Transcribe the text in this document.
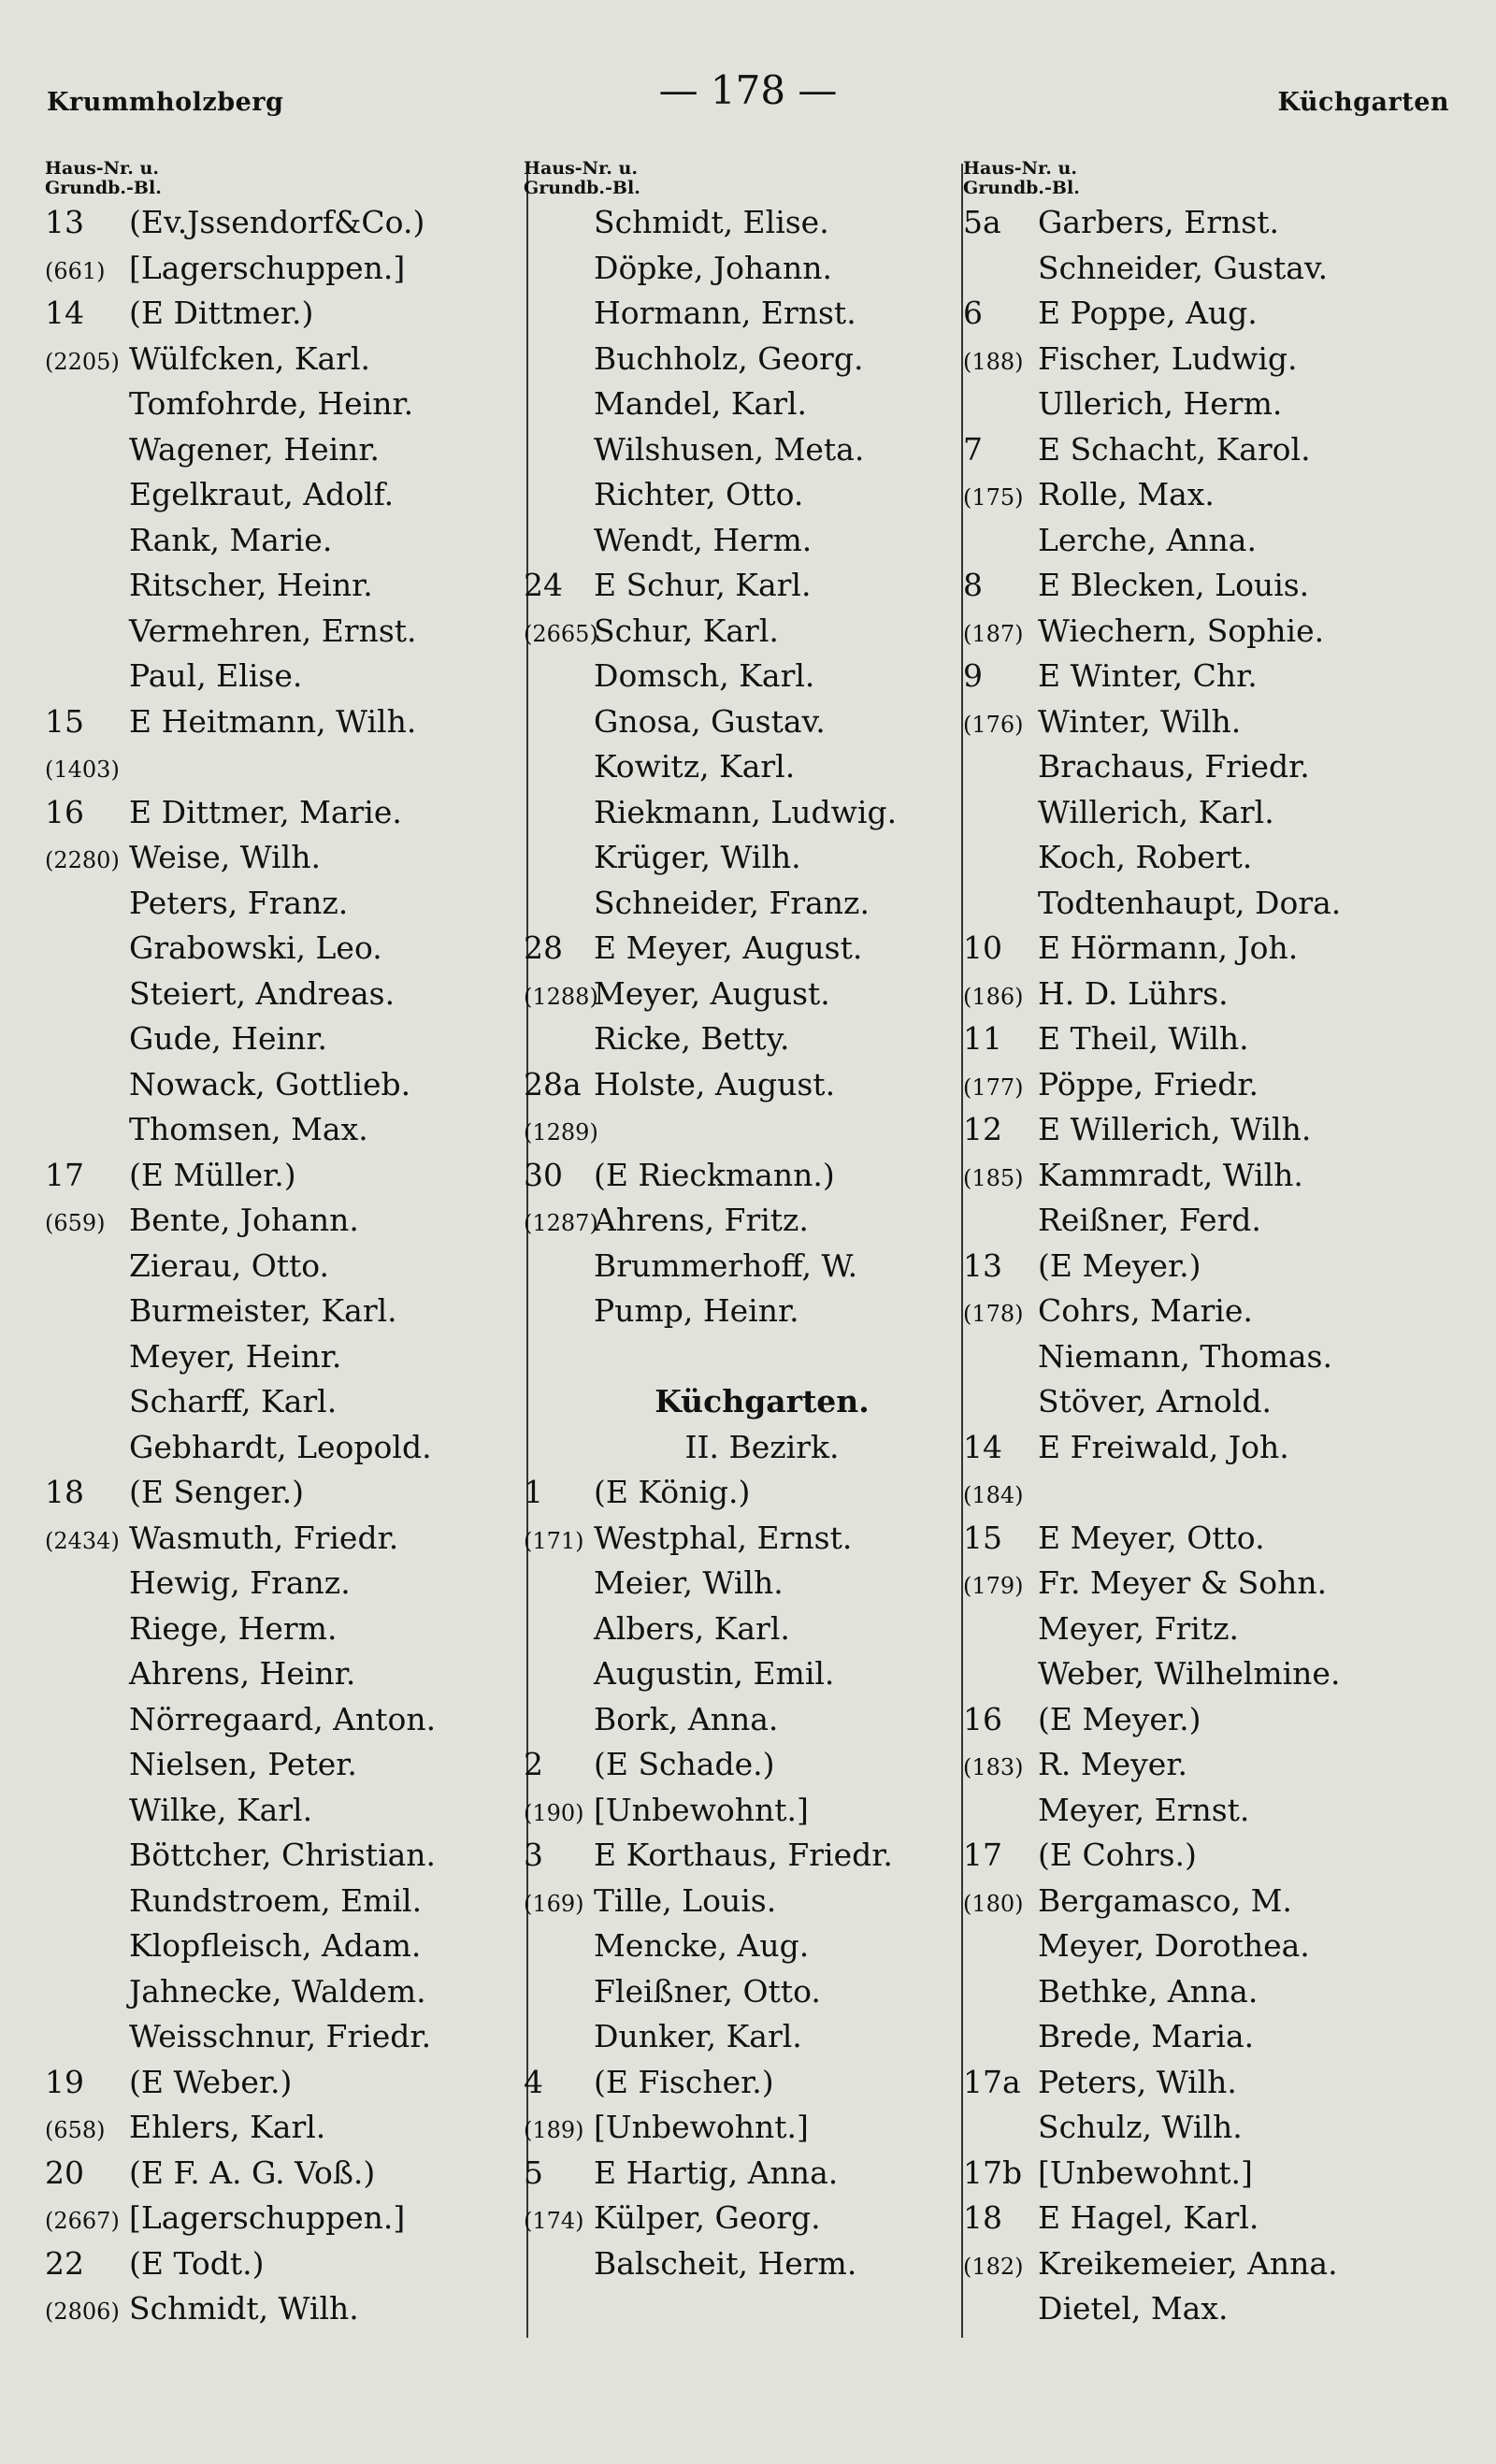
Krummholzberg	— 178 —	Küchgarten
Haus-Nr. u.
Grundb.-Bl.
13 (Ev.Jssendorf&Co.)
(661) [Lagerschuppen.]
14 (E Dittmer.)
(2205) Wülfcken, Karl.
Tomfohrde, Heinr.
Wagener, Heinr.
Egelkraut, Adolf.
Rank, Marie.
Ritscher, Heinr.
Vermehren, Ernst.
Paul, Elise.
15 E Heitmann, Wilh.
(1403)
16 E Dittmer, Marie.
(2280) Weise, Wilh.
Peters, Franz.
Grabowski, Leo.
Steiert, Andreas.
Gude, Heinr.
Nowack, Gottlieb.
Thomsen, Max.
17 (E Müller.)
(659) Bente, Johann.
Zierau, Otto.
Burmeister, Karl.
Meyer, Heinr.
Scharff, Karl.
Gebhardt, Leopold.
18 (E Senger.)
(2434) Wasmuth, Friedr.
Hewig, Franz.
Riege, Herm.
Ahrens, Heinr.
Nörregaard, Anton.
Nielsen, Peter.
Wilke, Karl.
Böttcher, Christian.
Rundstroem, Emil.
Klopfleisch, Adam.
Jahnecke, Waldem.
Weisschnur, Friedr.
19 (E Weber.)
(658) Ehlers, Karl.
20 (E F. A. G. Voß.)
(2667) [Lagerschuppen.]
22 (E Todt.)
(2806) Schmidt, Wilh.
Haus-Nr. u.
Grundb.-Bl.
Schmidt, Elise.
Döpke, Johann.
Hormann, Ernst.
Buchholz, Georg.
Mandel, Karl.
Wilshusen, Meta.
Richter, Otto.
Wendt, Herm.
24 E Schur, Karl.
(2665)Schur, Karl.
Domsch, Karl.
Gnosa, Gustav.
Kowitz, Karl.
Riekmann, Ludwig.
Krüger, Wilh.
Schneider, Franz.
28 E Meyer, August.
(1288)Meyer, August.
Ricke, Betty.
28a Holste, August.
(1289)
30 (E Rieckmann.)
(1287)Ahrens, Fritz.
Brummerhoff, W.
Pump, Heinr.
Küchgarten.
II. Bezirk.
1 (E König.)
(171) Westphal, Ernst.
Meier, Wilh.
Albers, Karl.
Augustin, Emil.
Bork, Anna.
2 (E Schade.)
(190) [Unbewohnt.]
3 E Korthaus, Friedr.
(169) Tille, Louis.
Mencke, Aug.
Fleißner, Otto.
Dunker, Karl.
4 (E Fischer.)
(189) [Unbewohnt.]
5 E Hartig, Anna.
(174) Külper, Georg.
Balscheit, Herm.
Haus-Nr. u.
Grundb.-Bl.
5a Garbers, Ernst.
Schneider, Gustav.
6 E Poppe, Aug.
(188) Fischer, Ludwig.
Ullerich, Herm.
7 E Schacht, Karol.
(175) Rolle, Max.
Lerche, Anna.
8 E Blecken, Louis.
(187) Wiechern, Sophie.
9 E Winter, Chr.
(176) Winter, Wilh.
Brachaus, Friedr.
Willerich, Karl.
Koch, Robert.
Todtenhaupt, Dora.
10 E Hörmann, Joh.
(186) H. D. Lührs.
11 E Theil, Wilh.
(177) Pöppe, Friedr.
12 E Willerich, Wilh.
(185) Kammradt, Wilh.
Reißner, Ferd.
13 (E Meyer.)
(178) Cohrs, Marie.
Niemann, Thomas.
Stöver, Arnold.
14 E Freiwald, Joh.
(184)
15 E Meyer, Otto.
(179) Fr. Meyer & Sohn.
Meyer, Fritz.
Weber, Wilhelmine.
16 (E Meyer.)
(183) R. Meyer.
Meyer, Ernst.
17 (E Cohrs.)
(180) Bergamasco, M.
Meyer, Dorothea.
Bethke, Anna.
Brede, Maria.
17a Peters, Wilh.
Schulz, Wilh.
17b [Unbewohnt.]
18 E Hagel, Karl.
(182) Kreikemeier, Anna.
Dietel, Max.
